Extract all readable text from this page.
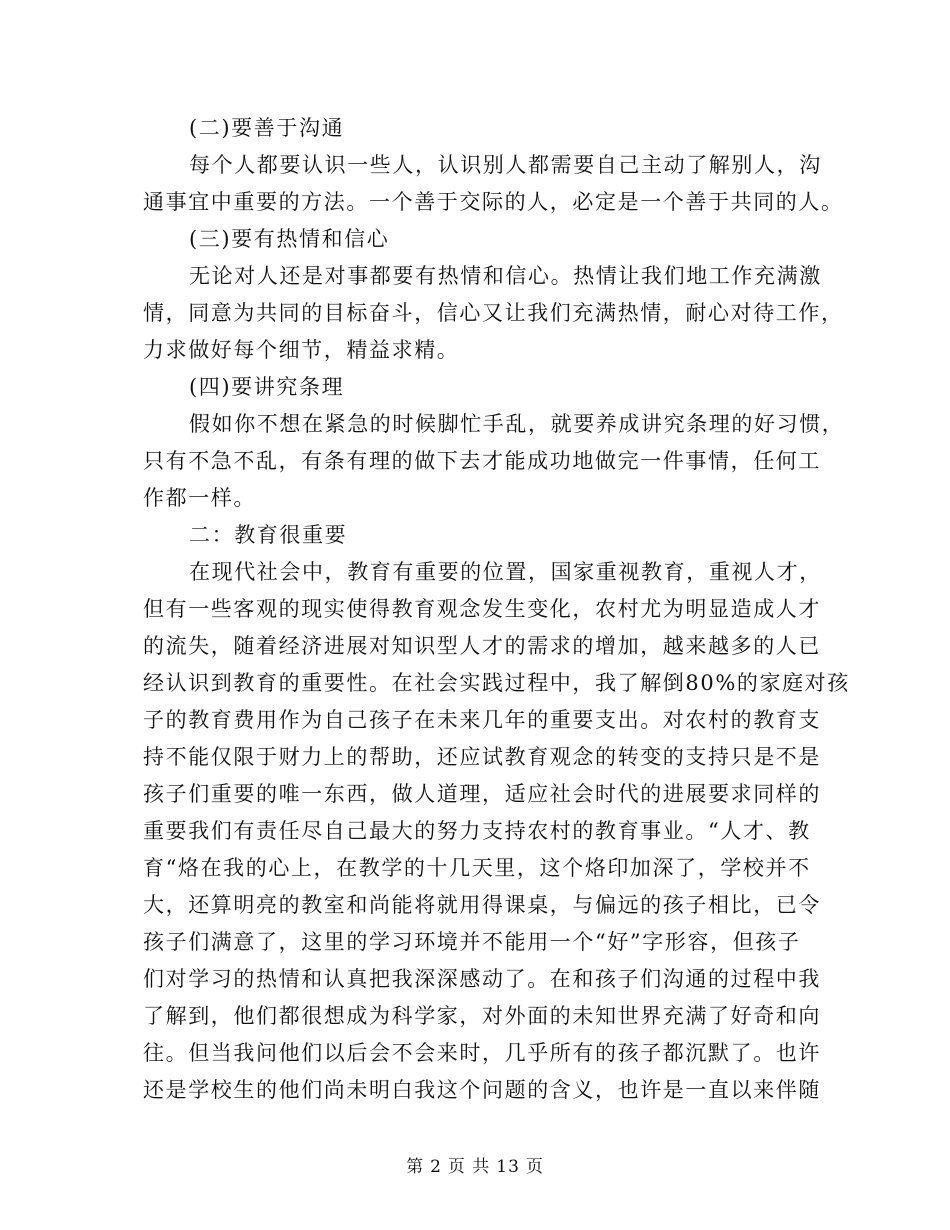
(二)要善于沟通
每个人都要认识一些人，认识别人都需要自己主动了解别人，沟
通事宜中重要的方法。一个善于交际的人，必定是一个善于共同的人。
(三)要有热情和信心
无论对人还是对事都要有热情和信心。热情让我们地工作充满激
情，同意为共同的目标奋斗，信心又让我们充满热情，耐心对待工作，
力求做好每个细节，精益求精。
(四)要讲究条理
假如你不想在紧急的时候脚忙手乱，就要养成讲究条理的好习惯，
只有不急不乱，有条有理的做下去才能成功地做完一件事情，任何工
作都一样。
二：教育很重要
在现代社会中，教育有重要的位置，国家重视教育，重视人才，
但有一些客观的现实使得教育观念发生变化，农村尤为明显造成人才
的流失，随着经济进展对知识型人才的需求的增加，越来越多的人已
经认识到教育的重要性。在社会实践过程中，我了解倒80%的家庭对孩
子的教育费用作为自己孩子在未来几年的重要支出。对农村的教育支
持不能仅限于财力上的帮助，还应试教育观念的转变的支持只是不是
孩子们重要的唯一东西，做人道理，适应社会时代的进展要求同样的
重要我们有责任尽自己最大的努力支持农村的教育事业。“人才、教
育“烙在我的心上，在教学的十几天里，这个烙印加深了，学校并不
大，还算明亮的教室和尚能将就用得课桌，与偏远的孩子相比，已令
孩子们满意了，这里的学习环境并不能用一个“好”字形容，但孩子
们对学习的热情和认真把我深深感动了。在和孩子们沟通的过程中我
了解到，他们都很想成为科学家，对外面的未知世界充满了好奇和向
往。但当我问他们以后会不会来时，几乎所有的孩子都沉默了。也许
还是学校生的他们尚未明白我这个问题的含义，也许是一直以来伴随
第 2 页 共 13 页
